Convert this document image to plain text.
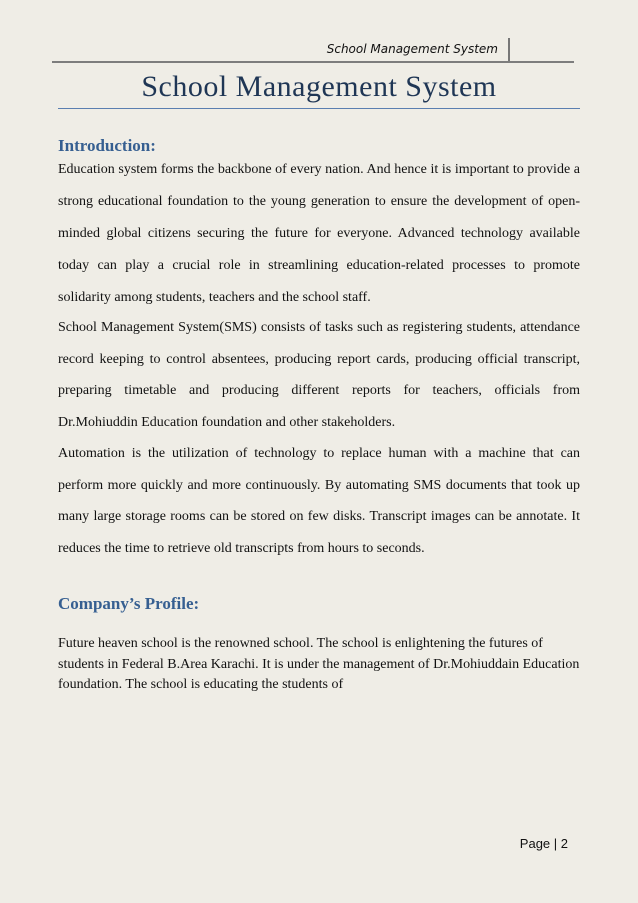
School Management System
School Management System
Introduction:
Education system forms the backbone of every nation. And hence it is important to provide a strong educational foundation to the young generation to ensure the development of open-minded global citizens securing the future for everyone. Advanced technology available today can play a crucial role in streamlining education-related processes to promote solidarity among students, teachers and the school staff.
School Management System(SMS) consists of tasks such as registering students, attendance record keeping to control absentees, producing report cards, producing official transcript, preparing timetable and producing different reports for teachers, officials from Dr.Mohiuddin Education foundation and other stakeholders.
Automation is the utilization of technology to replace human with a machine that can perform more quickly and more continuously. By automating SMS documents that took up many large storage rooms can be stored on few disks. Transcript images can be annotate. It reduces the time to retrieve old transcripts from hours to seconds.
Company’s Profile:
Future heaven school is the renowned school. The school is enlightening the futures of students in Federal B.Area Karachi. It is under the management of Dr.Mohiuddain Education foundation. The school is educating the students of
Page | 2
